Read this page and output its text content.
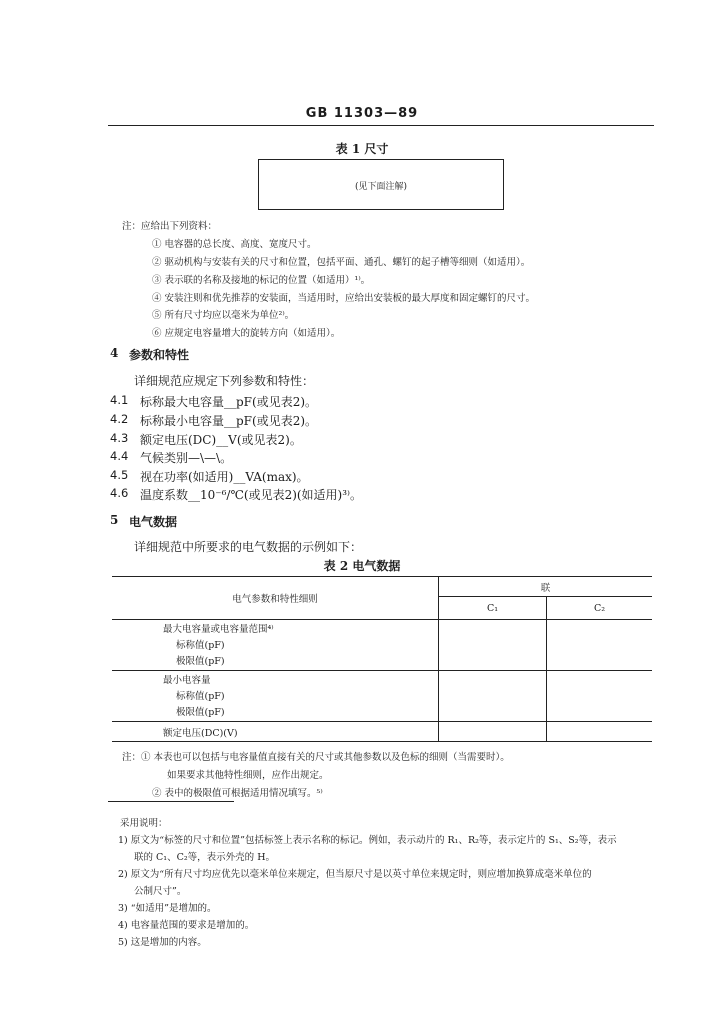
GB 11303—89
表 1 尺寸
(见下面注解)
注：应给出下列资料：
① 电容器的总长度、高度、宽度尺寸。
② 驱动机构与安装有关的尺寸和位置，包括平面、通孔、螺钉的起子槽等细则（如适用）。
③ 表示联的名称及接地的标记的位置（如适用）¹⁾。
④ 安装注则和优先推荐的安装面，当适用时，应给出安装板的最大厚度和固定螺钉的尺寸。
⑤ 所有尺寸均应以毫米为单位²⁾。
⑥ 应规定电容量增大的旋转方向（如适用）。
4 参数和特性
详细规范应规定下列参数和特性：
4.1 标称最大电容量__pF(或见表2)。
4.2 标称最小电容量__pF(或见表2)。
4.3 额定电压(DC)__V(或见表2)。
4.4 气候类别—\—\。
4.5 视在功率(如适用)__VA(max)。
4.6 温度系数__10⁻⁶/℃(或见表2)(如适用)³⁾。
5 电气数据
详细规范中所要求的电气数据的示例如下：
表 2 电气数据
电气参数和特性细则	联	
	C₁	C₂

最大电容量或电容量范围⁴⁾
标称值(pF)
极限值(pF)		

最小电容量
标称值(pF)
极限值(pF)		

额定电压(DC)(V)		

注：① 本表也可以包括与电容量值直接有关的尺寸或其他参数以及色标的细则（当需要时）。
如果要求其他特性细则，应作出规定。
② 表中的极限值可根据适用情况填写。⁵⁾
采用说明：
1) 原文为“标签的尺寸和位置”包括标签上表示名称的标记。例如，表示动片的 R₁、R₂等，表示定片的 S₁、S₂等，表示
联的 C₁、C₂等，表示外壳的 H。
2) 原文为“所有尺寸均应优先以毫米单位来规定，但当原尺寸是以英寸单位来规定时，则应增加换算成毫米单位的
公制尺寸”。
3) “如适用”是增加的。
4) 电容量范围的要求是增加的。
5) 这是增加的内容。
